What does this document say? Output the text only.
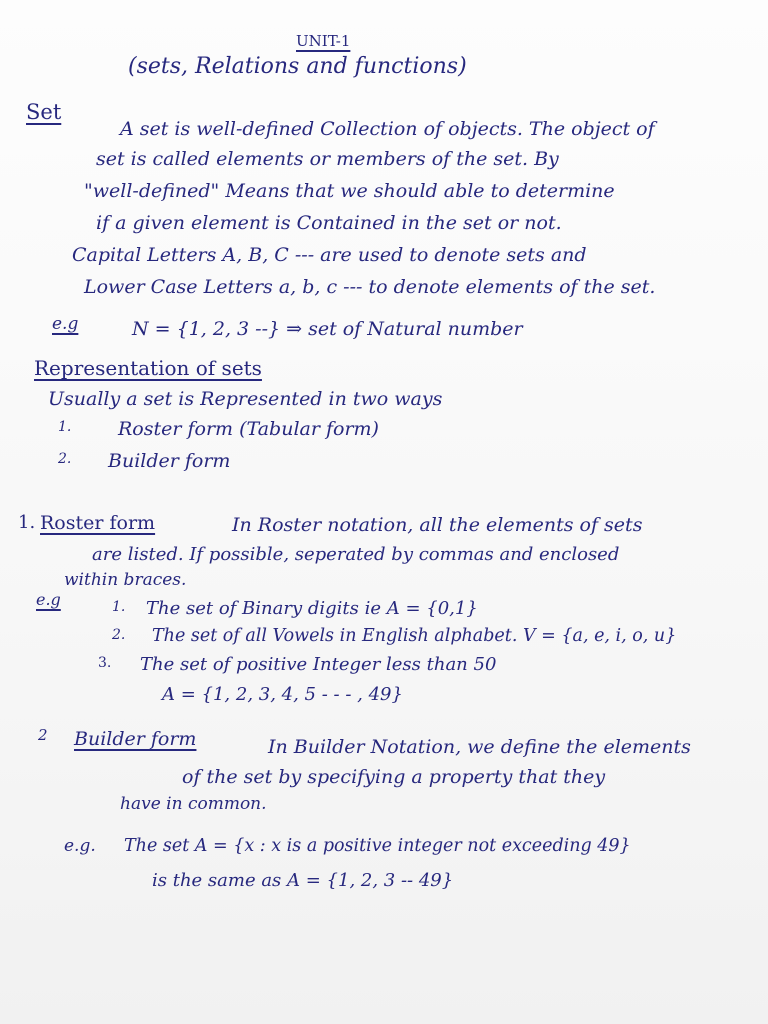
UNIT-1
(sets, Relations and functions)
Set
A set is well-defined Collection of objects. The object of
set is called elements or members of the set. By
"well-defined" Means that we should able to determine
if a given element is Contained in the set or not.
Capital Letters A, B, C --- are used to denote sets and
Lower Case Letters a, b, c --- to denote elements of the set.
e.g	N = {1, 2, 3 --} ⇒ set of Natural number
Representation of sets
Usually a set is Represented in two ways
1. Roster form (Tabular form)
2. Builder form
1. Roster form	In Roster notation, all the elements of sets
are listed. If possible, seperated by commas and enclosed
within braces.
e.g	1. The set of Binary digits ie A = {0,1}
2. The set of all Vowels in English alphabet. V = {a, e, i, o, u}
3. The set of positive Integer less than 50
A = {1, 2, 3, 4, 5 - - - , 49}
2 Builder form	In Builder Notation, we define the elements
of the set by specifying a property that they
have in common.
e.g. The set A = {x : x is a positive integer not exceeding 49}
is the same as A = {1, 2, 3 -- 49}
